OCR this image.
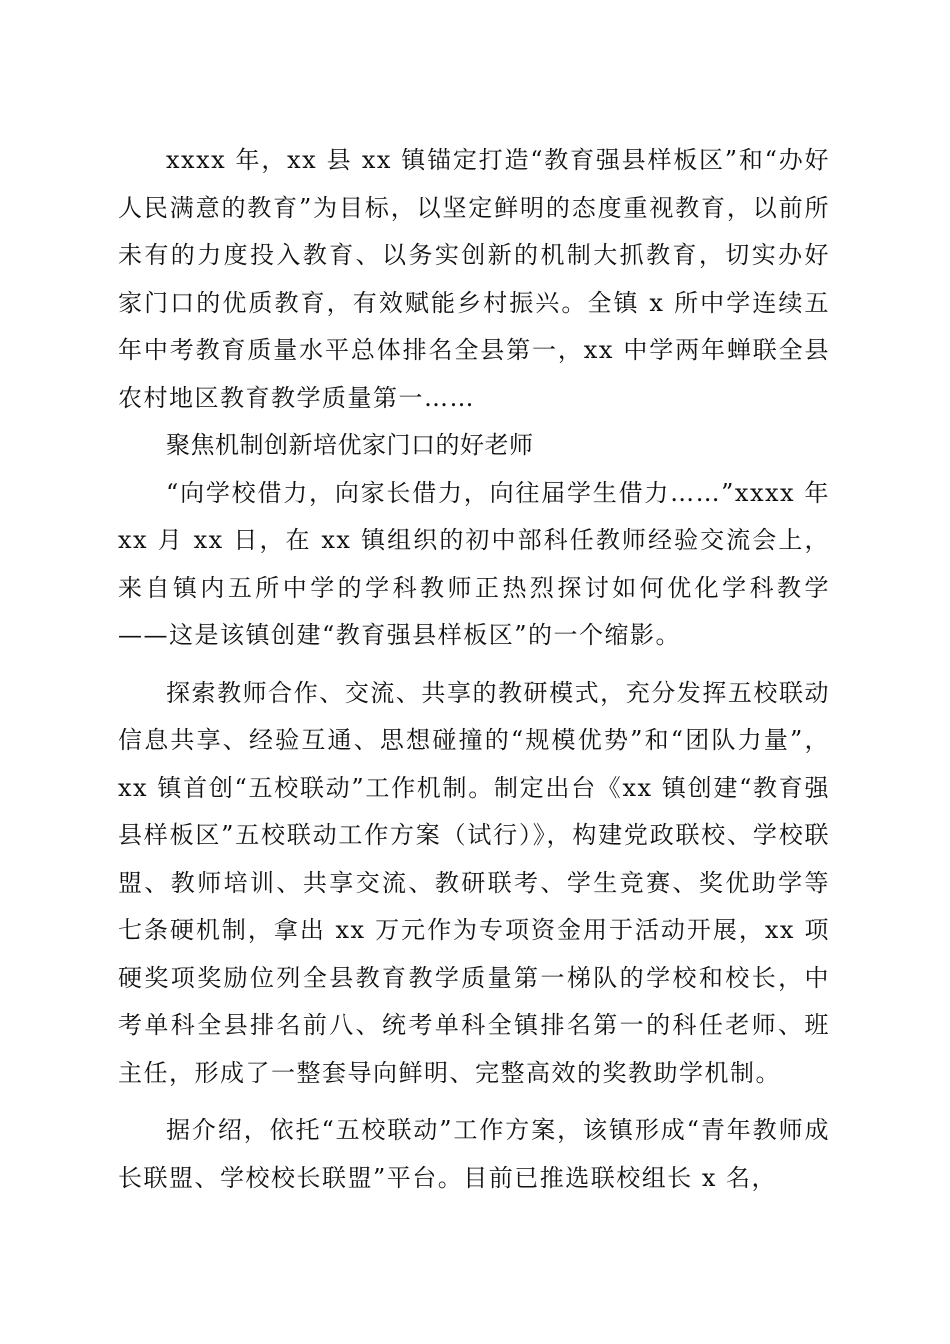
xxxx 年，xx 县 xx 镇锚定打造“教育强县样板区”和“办好人民满意的教育”为目标，以坚定鲜明的态度重视教育，以前所未有的力度投入教育、以务实创新的机制大抓教育，切实办好家门口的优质教育，有效赋能乡村振兴。全镇 x 所中学连续五年中考教育质量水平总体排名全县第一，xx 中学两年蝉联全县农村地区教育教学质量第一……

聚焦机制创新培优家门口的好老师

“向学校借力，向家长借力，向往届学生借力……”xxxx 年 xx 月 xx 日，在 xx 镇组织的初中部科任教师经验交流会上，来自镇内五所中学的学科教师正热烈探讨如何优化学科教学——这是该镇创建“教育强县样板区”的一个缩影。

探索教师合作、交流、共享的教研模式，充分发挥五校联动信息共享、经验互通、思想碰撞的“规模优势”和“团队力量”，xx 镇首创“五校联动”工作机制。制定出台《xx 镇创建“教育强县样板区”五校联动工作方案（试行）》，构建党政联校、学校联盟、教师培训、共享交流、教研联考、学生竞赛、奖优助学等七条硬机制，拿出 xx 万元作为专项资金用于活动开展，xx 项硬奖项奖励位列全县教育教学质量第一梯队的学校和校长，中考单科全县排名前八、统考单科全镇排名第一的科任老师、班主任，形成了一整套导向鲜明、完整高效的奖教助学机制。

据介绍，依托“五校联动”工作方案，该镇形成“青年教师成长联盟、学校校长联盟”平台。目前已推选联校组长 x 名，
